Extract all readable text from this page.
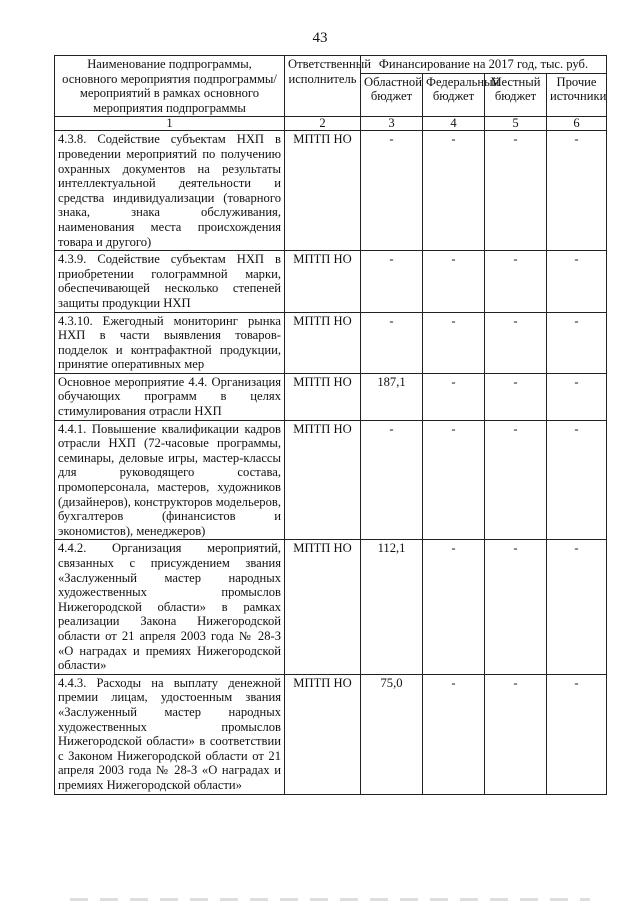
43
Наименование подпрограммы, основного мероприятия подпрограммы/мероприятий в рамках основного мероприятия подпрограммы	Ответственный исполнитель	Финансирование на 2017 год, тыс. руб.			
		Областной бюджет	Федеральный бюджет	Местный бюджет	Прочие источники
1	2	3	4	5	6
4.3.8. Содействие субъектам НХП в проведении мероприятий по получению охранных документов на результаты интеллектуальной деятельности и средства индивидуализации (товарного знака, знака обслуживания, наименования места происхождения товара и другого)	МПТП НО	-	-	-	-
4.3.9. Содействие субъектам НХП в приобретении голограммной марки, обеспечивающей несколько степеней защиты продукции НХП	МПТП НО	-	-	-	-
4.3.10. Ежегодный мониторинг рынка НХП в части выявления товаров-подделок и контрафактной продукции, принятие оперативных мер	МПТП НО	-	-	-	-
Основное мероприятие 4.4. Организация обучающих программ в целях стимулирования отрасли НХП	МПТП НО	187,1	-	-	-
4.4.1. Повышение квалификации кадров отрасли НХП (72-часовые программы, семинары, деловые игры, мастер-классы для руководящего состава, промоперсонала, мастеров, художников (дизайнеров), конструкторов модельеров, бухгалтеров (финансистов и экономистов), менеджеров)	МПТП НО	-	-	-	-
4.4.2. Организация мероприятий, связанных с присуждением звания «Заслуженный мастер народных художественных промыслов Нижегородской области» в рамках реализации Закона Нижегородской области от 21 апреля 2003 года № 28-З «О наградах и премиях Нижегородской области»	МПТП НО	112,1	-	-	-
4.4.3. Расходы на выплату денежной премии лицам, удостоенным звания «Заслуженный мастер народных художественных промыслов Нижегородской области» в соответствии с Законом Нижегородской области от 21 апреля 2003 года № 28-З «О наградах и премиях Нижегородской области»	МПТП НО	75,0	-	-	-
